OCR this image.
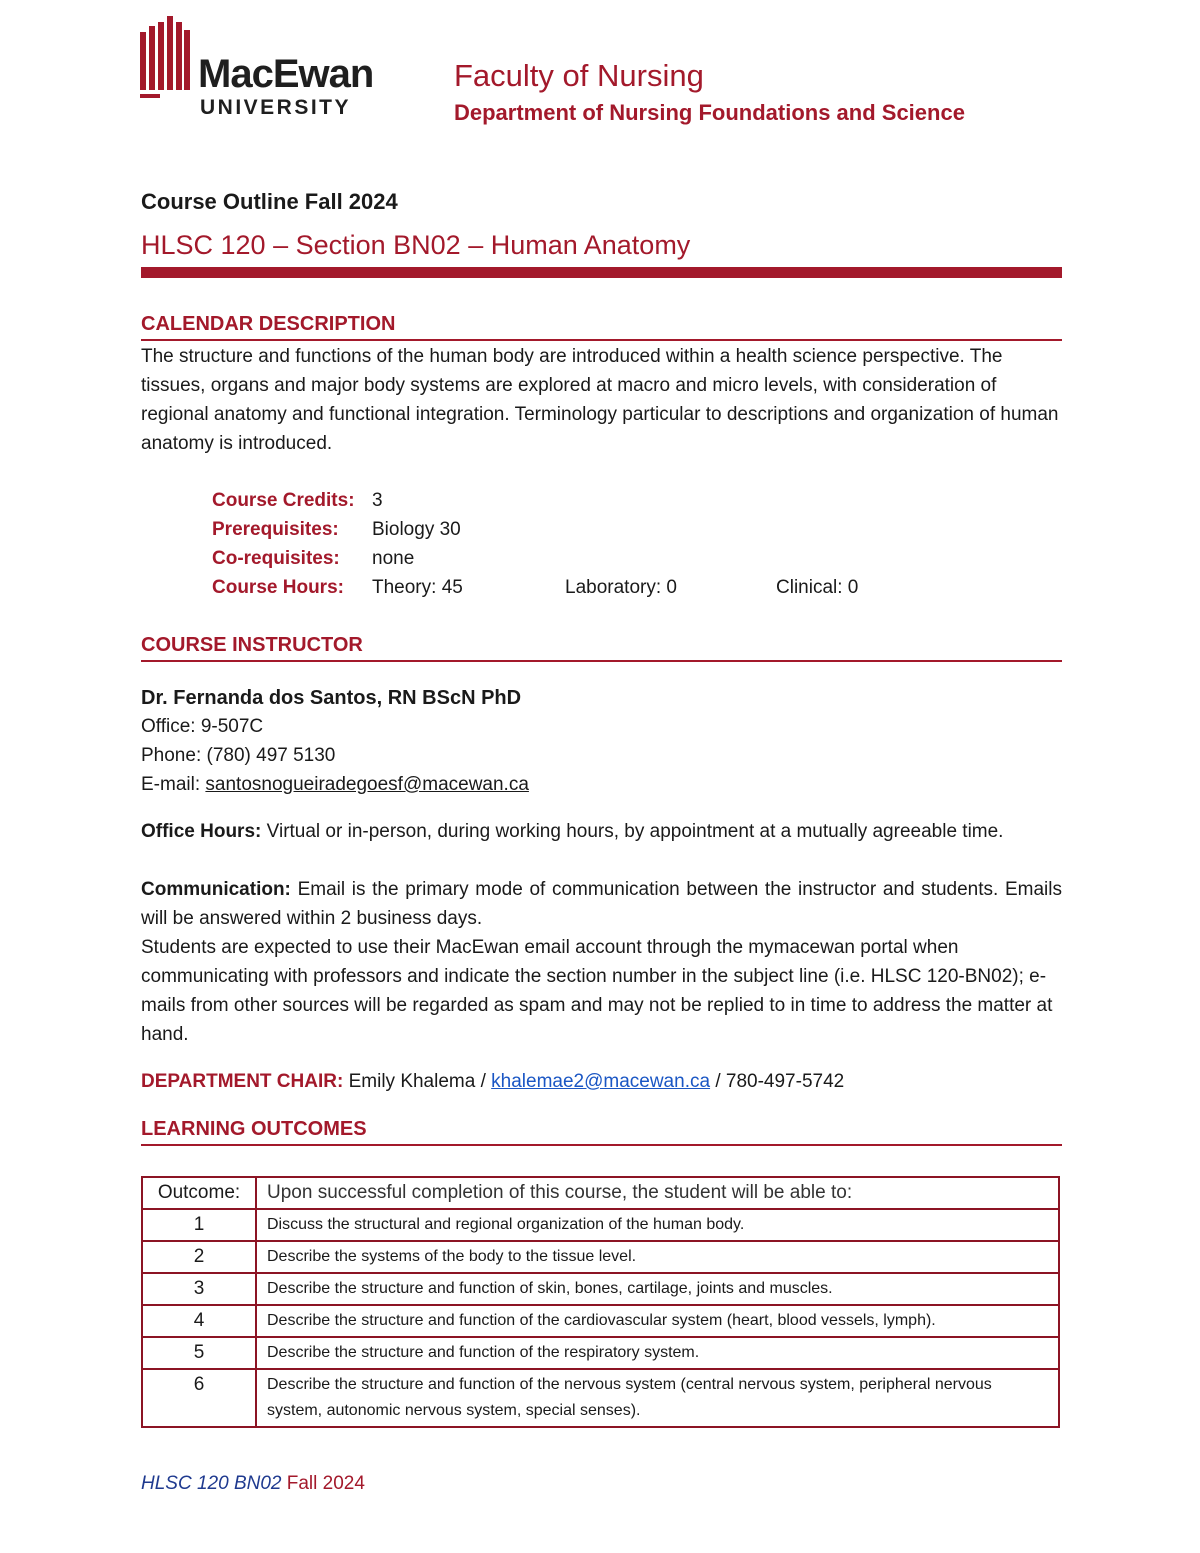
MacEwan
UNIVERSITY
Faculty of Nursing
Department of Nursing Foundations and Science
Course Outline Fall 2024
HLSC 120 – Section BN02 – Human Anatomy
CALENDAR DESCRIPTION
The structure and functions of the human body are introduced within a health science perspective. The tissues, organs and major body systems are explored at macro and micro levels, with consideration of regional anatomy and functional integration. Terminology particular to descriptions and organization of human anatomy is introduced.
Course Credits: 3
Prerequisites: Biology 30
Co-requisites: none
Course Hours: Theory: 45	Laboratory: 0	Clinical: 0
COURSE INSTRUCTOR
Dr. Fernanda dos Santos, RN BScN PhD
Office: 9-507C
Phone: (780) 497 5130
E-mail: santosnogueiradegoesf@macewan.ca
Office Hours: Virtual or in-person, during working hours, by appointment at a mutually agreeable time.
Communication: Email is the primary mode of communication between the instructor and students. Emails will be answered within 2 business days.
Students are expected to use their MacEwan email account through the mymacewan portal when communicating with professors and indicate the section number in the subject line (i.e. HLSC 120-BN02); e-mails from other sources will be regarded as spam and may not be replied to in time to address the matter at hand.
DEPARTMENT CHAIR: Emily Khalema / khalemae2@macewan.ca / 780-497-5742
LEARNING OUTCOMES
Outcome:	Upon successful completion of this course, the student will be able to:
1	Discuss the structural and regional organization of the human body.
2	Describe the systems of the body to the tissue level.
3	Describe the structure and function of skin, bones, cartilage, joints and muscles.
4	Describe the structure and function of the cardiovascular system (heart, blood vessels, lymph).
5	Describe the structure and function of the respiratory system.
6	Describe the structure and function of the nervous system (central nervous system, peripheral nervous system, autonomic nervous system, special senses).
HLSC 120 BN02 Fall 2024
